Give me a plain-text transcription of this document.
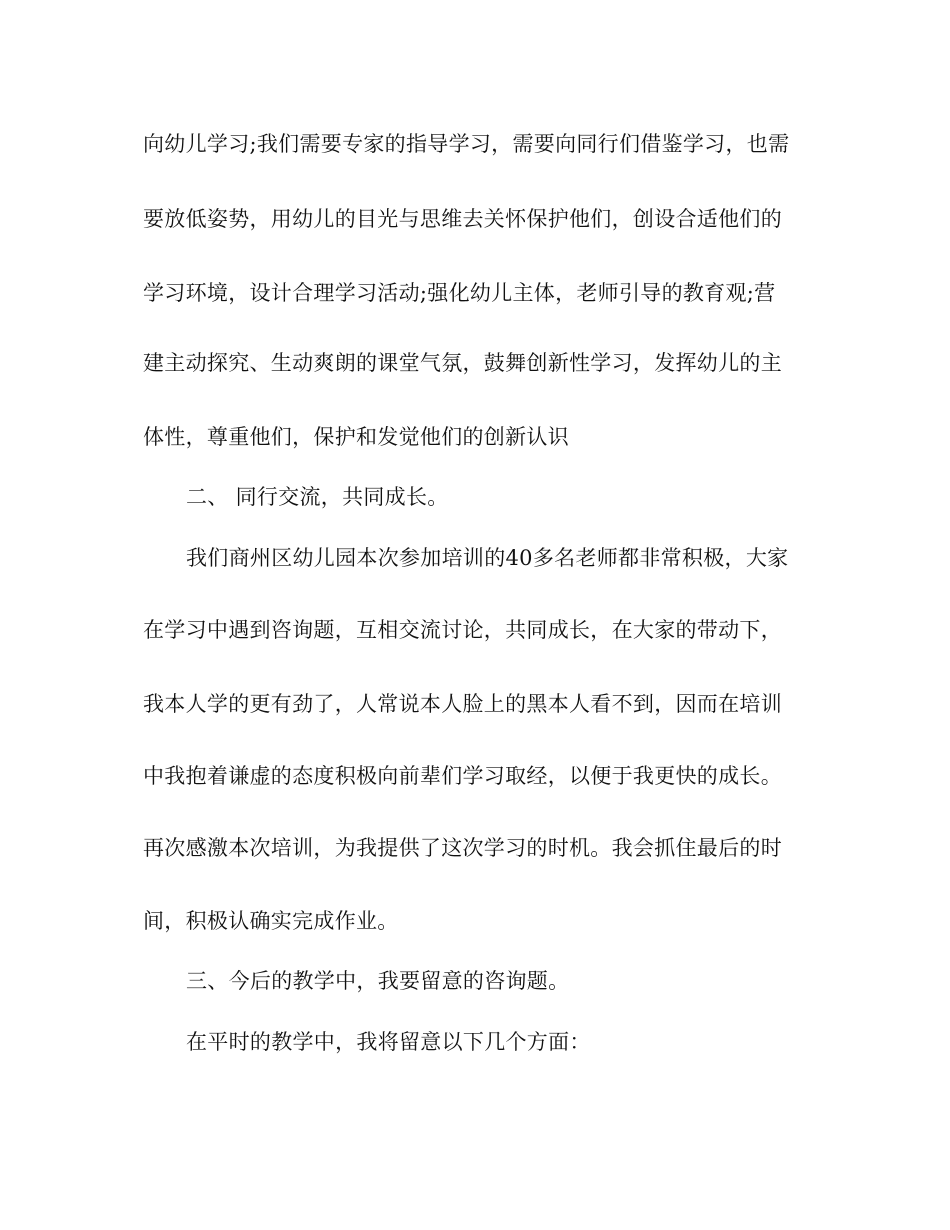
向幼儿学习;我们需要专家的指导学习，需要向同行们借鉴学习，也需
要放低姿势，用幼儿的目光与思维去关怀保护他们，创设合适他们的
学习环境，设计合理学习活动;强化幼儿主体，老师引导的教育观;营
建主动探究、生动爽朗的课堂气氛，鼓舞创新性学习，发挥幼儿的主
体性，尊重他们，保护和发觉他们的创新认识
二、 同行交流，共同成长。
我们商州区幼儿园本次参加培训的40多名老师都非常积极，大家
在学习中遇到咨询题，互相交流讨论，共同成长，在大家的带动下，
我本人学的更有劲了，人常说本人脸上的黑本人看不到，因而在培训
中我抱着谦虚的态度积极向前辈们学习取经，以便于我更快的成长。
再次感激本次培训，为我提供了这次学习的时机。我会抓住最后的时
间，积极认确实完成作业。
三、今后的教学中，我要留意的咨询题。
在平时的教学中，我将留意以下几个方面：
